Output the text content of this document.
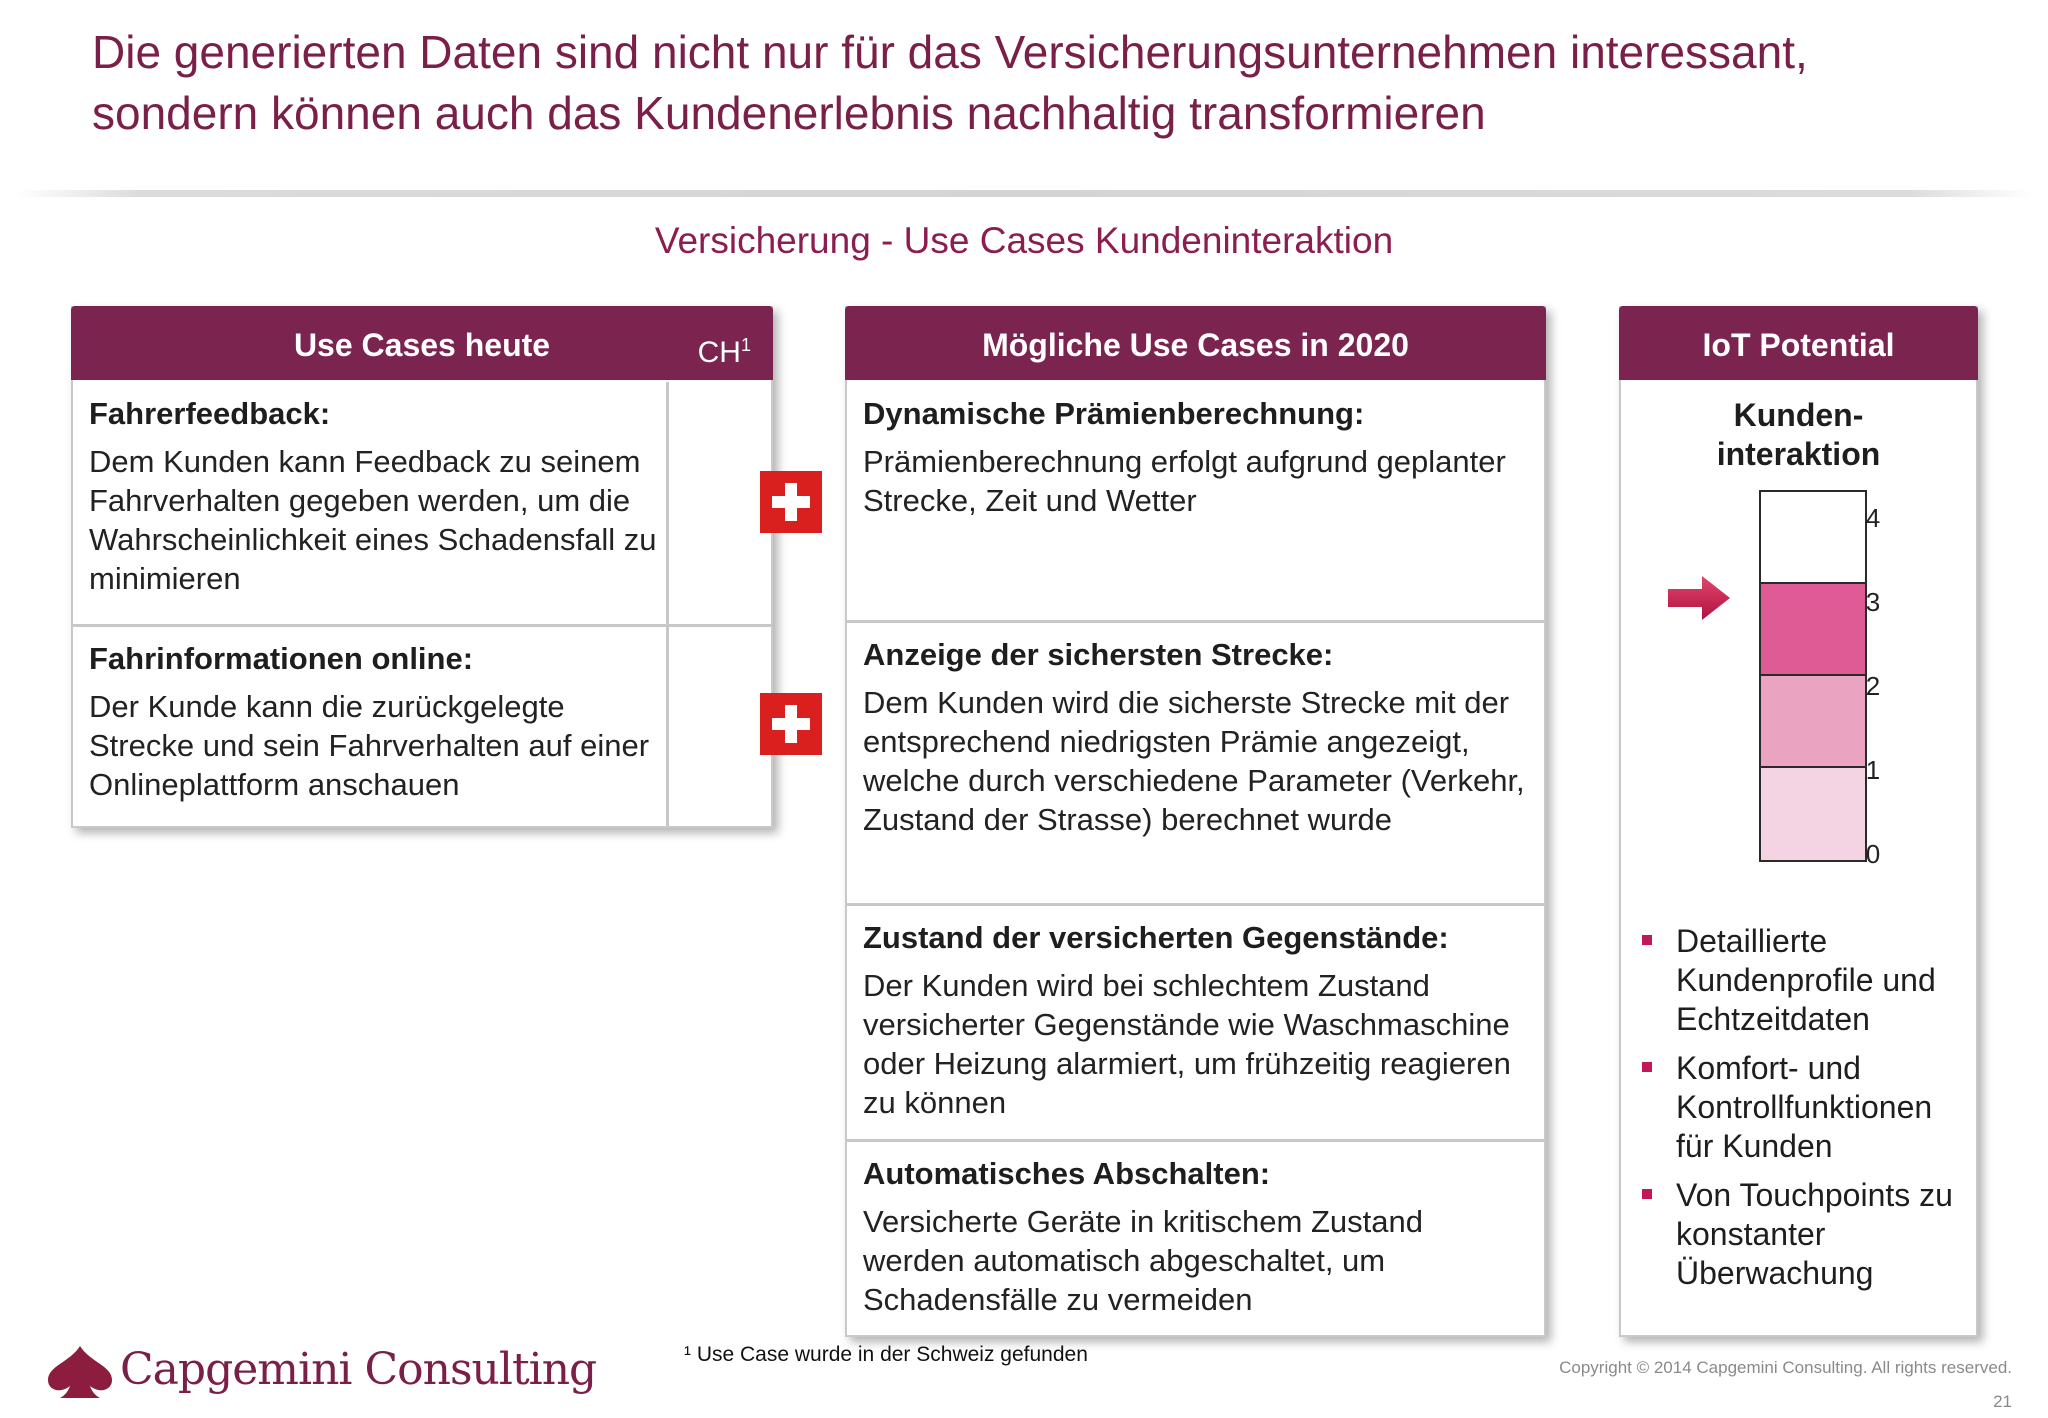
Die generierten Daten sind nicht nur für das Versicherungsunternehmen interessant,
sondern können auch das Kundenerlebnis nachhaltig transformieren
Versicherung - Use Cases Kundeninteraktion
Use Cases heute	$CH^1$
Fahrerfeedback:

Dem Kunden kann Feedback zu seinem Fahrverhalten gegeben werden, um die Wahrscheinlichkeit eines Schadensfall zu minimieren

Fahrinformationen online:

Der Kunde kann die zurückgelegte Strecke und sein Fahrverhalten auf einer Onlineplattform anschauen

Mögliche Use Cases in 2020
Dynamische Prämienberechnung:

Prämienberechnung erfolgt aufgrund geplanter Strecke, Zeit und Wetter

Anzeige der sichersten Strecke:

Dem Kunden wird die sicherste Strecke mit der entsprechend niedrigsten Prämie angezeigt, welche durch verschiedene Parameter (Verkehr, Zustand der Strasse) berechnet wurde

Zustand der versicherten Gegenstände:

Der Kunden wird bei schlechtem Zustand versicherter Gegenstände wie Waschmaschine oder Heizung alarmiert, um frühzeitig reagieren zu können

Automatisches Abschalten:

Versicherte Geräte in kritischem Zustand werden automatisch abgeschaltet, um Schadensfälle zu vermeiden

IoT Potential
Kunden-
interaktion
4
3
2
1
0
Detaillierte Kundenprofile und Echtzeitdaten
Komfort- und Kontrollfunktionen für Kunden
Von Touchpoints zu konstanter Überwachung
¹ Use Case wurde in der Schweiz gefunden
Capgemini Consulting	Copyright © 2014 Capgemini Consulting. All rights reserved.
21
